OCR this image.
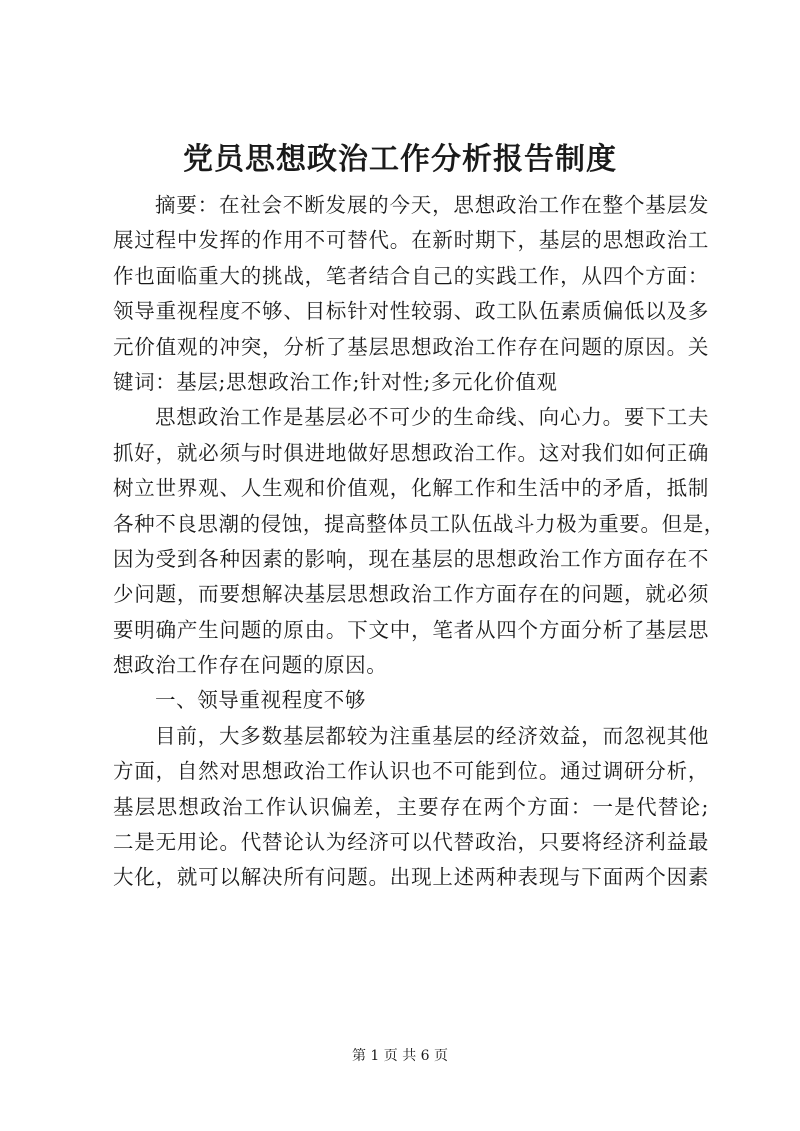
党员思想政治工作分析报告制度
摘要：在社会不断发展的今天，思想政治工作在整个基层发
展过程中发挥的作用不可替代。在新时期下，基层的思想政治工
作也面临重大的挑战，笔者结合自己的实践工作，从四个方面：
领导重视程度不够、目标针对性较弱、政工队伍素质偏低以及多
元价值观的冲突，分析了基层思想政治工作存在问题的原因。关
键词：基层;思想政治工作;针对性;多元化价值观
思想政治工作是基层必不可少的生命线、向心力。要下工夫
抓好，就必须与时俱进地做好思想政治工作。这对我们如何正确
树立世界观、人生观和价值观，化解工作和生活中的矛盾，抵制
各种不良思潮的侵蚀，提高整体员工队伍战斗力极为重要。但是，
因为受到各种因素的影响，现在基层的思想政治工作方面存在不
少问题，而要想解决基层思想政治工作方面存在的问题，就必须
要明确产生问题的原由。下文中，笔者从四个方面分析了基层思
想政治工作存在问题的原因。
一、领导重视程度不够
目前，大多数基层都较为注重基层的经济效益，而忽视其他
方面，自然对思想政治工作认识也不可能到位。通过调研分析，
基层思想政治工作认识偏差，主要存在两个方面：一是代替论;
二是无用论。代替论认为经济可以代替政治，只要将经济利益最
大化，就可以解决所有问题。出现上述两种表现与下面两个因素
第 1 页 共 6 页
